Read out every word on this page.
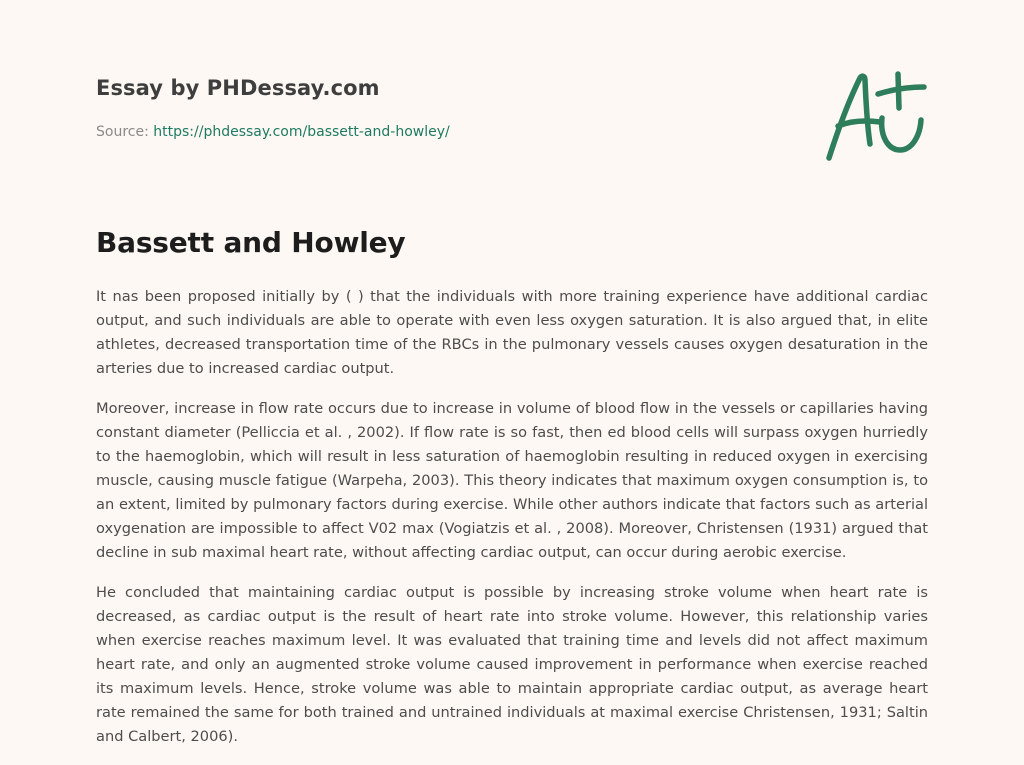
Essay by PHDessay.com
Source: https://phdessay.com/bassett-and-howley/
Bassett and Howley

It nas been proposed initially by ( ) that the individuals with more training experience have additional cardiac output, and such individuals are able to operate with even less oxygen saturation. It is also argued that, in elite athletes, decreased transportation time of the RBCs in the pulmonary vessels causes oxygen desaturation in the arteries due to increased cardiac output.

Moreover, increase in flow rate occurs due to increase in volume of blood flow in the vessels or capillaries having constant diameter (Pelliccia et al. , 2002). If flow rate is so fast, then ed blood cells will surpass oxygen hurriedly to the haemoglobin, which will result in less saturation of haemoglobin resulting in reduced oxygen in exercising muscle, causing muscle fatigue (Warpeha, 2003). This theory indicates that maximum oxygen consumption is, to an extent, limited by pulmonary factors during exercise. While other authors indicate that factors such as arterial oxygenation are impossible to affect V02 max (Vogiatzis et al. , 2008). Moreover, Christensen (1931) argued that decline in sub maximal heart rate, without affecting cardiac output, can occur during aerobic exercise.

He concluded that maintaining cardiac output is possible by increasing stroke volume when heart rate is decreased, as cardiac output is the result of heart rate into stroke volume. However, this relationship varies when exercise reaches maximum level. It was evaluated that training time and levels did not affect maximum heart rate, and only an augmented stroke volume caused improvement in performance when exercise reached its maximum levels. Hence, stroke volume was able to maintain appropriate cardiac output, as average heart rate remained the same for both trained and untrained individuals at maximal exercise Christensen, 1931; Saltin and Calbert, 2006).
